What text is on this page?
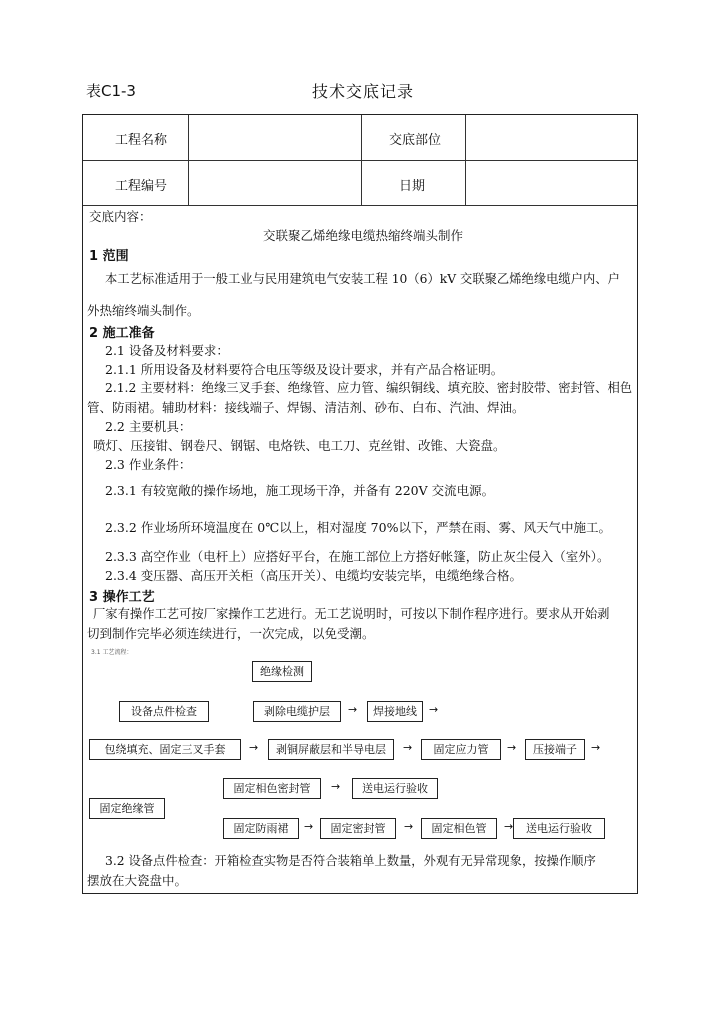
表C1-3	技术交底记录
工程名称	交底部位
工程编号	日期
交底内容：
交联聚乙烯绝缘电缆热缩终端头制作
1 范围
本工艺标准适用于一般工业与民用建筑电气安装工程 10（6）kV 交联聚乙烯绝缘电缆户内、户
外热缩终端头制作。
2 施工准备
2.1 设备及材料要求：
2.1.1 所用设备及材料要符合电压等级及设计要求，并有产品合格证明。
2.1.2 主要材料：绝缘三叉手套、绝缘管、应力管、编织铜线、填充胶、密封胶带、密封管、相色
管、防雨裙。辅助材料：接线端子、焊锡、清洁剂、砂布、白布、汽油、焊油。
2.2 主要机具：
喷灯、压接钳、钢卷尺、钢锯、电烙铁、电工刀、克丝钳、改锥、大瓷盘。
2.3 作业条件：
2.3.1 有较宽敞的操作场地，施工现场干净，并备有 220V 交流电源。
2.3.2 作业场所环境温度在 0℃以上，相对湿度 70%以下，严禁在雨、雾、风天气中施工。
2.3.3 高空作业（电杆上）应搭好平台，在施工部位上方搭好帐篷，防止灰尘侵入（室外）。
2.3.4 变压器、高压开关柜（高压开关）、电缆均安装完毕，电缆绝缘合格。
3 操作工艺
厂家有操作工艺可按厂家操作工艺进行。无工艺说明时，可按以下制作程序进行。要求从开始剥
切到制作完毕必须连续进行，一次完成，以免受潮。
3.1 工艺流程：
绝缘检测
设备点件检查	剥除电缆护层	→	焊接地线	→
包绕填充、固定三叉手套	→	剥铜屏蔽层和半导电层	→	固定应力管	→	压接端子	→
固定相色密封管	→	送电运行验收
固定绝缘管
固定防雨裙	→	固定密封管	→	固定相色管	→	送电运行验收
3.2 设备点件检查：开箱检查实物是否符合装箱单上数量，外观有无异常现象，按操作顺序
摆放在大瓷盘中。
